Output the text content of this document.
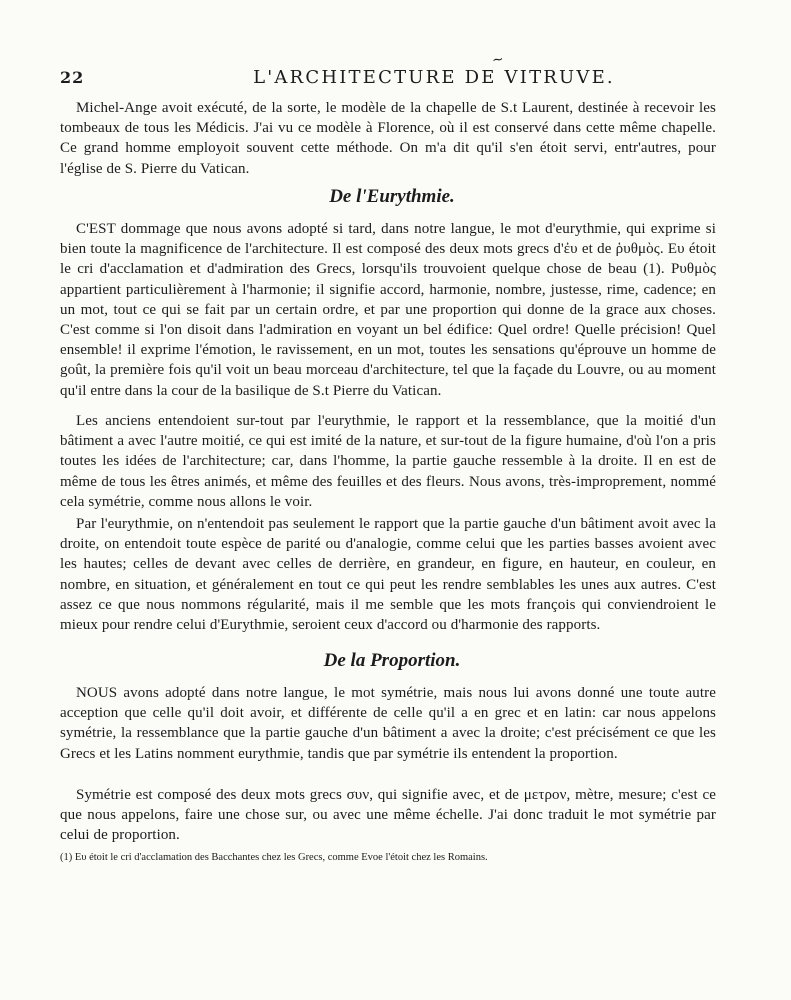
~
22	L'ARCHITECTURE DE VITRUVE.

Michel-Ange avoit exécuté, de la sorte, le modèle de la chapelle de S.t Laurent, destinée à recevoir les tombeaux de tous les Médicis. J'ai vu ce modèle à Florence, où il est conservé dans cette même chapelle. Ce grand homme employoit souvent cette méthode. On m'a dit qu'il s'en étoit servi, entr'autres, pour l'église de S. Pierre du Vatican.

De l'Eurythmie.

C'EST dommage que nous avons adopté si tard, dans notre langue, le mot d'eurythmie, qui exprime si bien toute la magnificence de l'architecture. Il est composé des deux mots grecs d'ἐυ et de ῥυθμὸς. Ευ étoit le cri d'acclamation et d'admiration des Grecs, lorsqu'ils trouvoient quelque chose de beau (1). Ρυθμὸς appartient particulièrement à l'harmonie; il signifie accord, harmonie, nombre, justesse, rime, cadence; en un mot, tout ce qui se fait par un certain ordre, et par une proportion qui donne de la grace aux choses. C'est comme si l'on disoit dans l'admiration en voyant un bel édifice: Quel ordre! Quelle précision! Quel ensemble! il exprime l'émotion, le ravissement, en un mot, toutes les sensations qu'éprouve un homme de goût, la première fois qu'il voit un beau morceau d'architecture, tel que la façade du Louvre, ou au moment qu'il entre dans la cour de la basilique de S.t Pierre du Vatican.

Les anciens entendoient sur-tout par l'eurythmie, le rapport et la ressemblance, que la moitié d'un bâtiment a avec l'autre moitié, ce qui est imité de la nature, et sur-tout de la figure humaine, d'où l'on a pris toutes les idées de l'architecture; car, dans l'homme, la partie gauche ressemble à la droite. Il en est de même de tous les êtres animés, et même des feuilles et des fleurs. Nous avons, très-improprement, nommé cela symétrie, comme nous allons le voir.

Par l'eurythmie, on n'entendoit pas seulement le rapport que la partie gauche d'un bâtiment avoit avec la droite, on entendoit toute espèce de parité ou d'analogie, comme celui que les parties basses avoient avec les hautes; celles de devant avec celles de derrière, en grandeur, en figure, en hauteur, en couleur, en nombre, en situation, et généralement en tout ce qui peut les rendre semblables les unes aux autres. C'est assez ce que nous nommons régularité, mais il me semble que les mots françois qui conviendroient le mieux pour rendre celui d'Eurythmie, seroient ceux d'accord ou d'harmonie des rapports.

De la Proportion.

NOUS avons adopté dans notre langue, le mot symétrie, mais nous lui avons donné une toute autre acception que celle qu'il doit avoir, et différente de celle qu'il a en grec et en latin: car nous appelons symétrie, la ressemblance que la partie gauche d'un bâtiment a avec la droite; c'est précisément ce que les Grecs et les Latins nomment eurythmie, tandis que par symétrie ils entendent la proportion.

Symétrie est composé des deux mots grecs συν, qui signifie avec, et de μετρον, mètre, mesure; c'est ce que nous appelons, faire une chose sur, ou avec une même échelle. J'ai donc traduit le mot symétrie par celui de proportion.

(1) Ευ étoit le cri d'acclamation des Bacchantes chez les Grecs, comme Evoe l'étoit chez les Romains.
